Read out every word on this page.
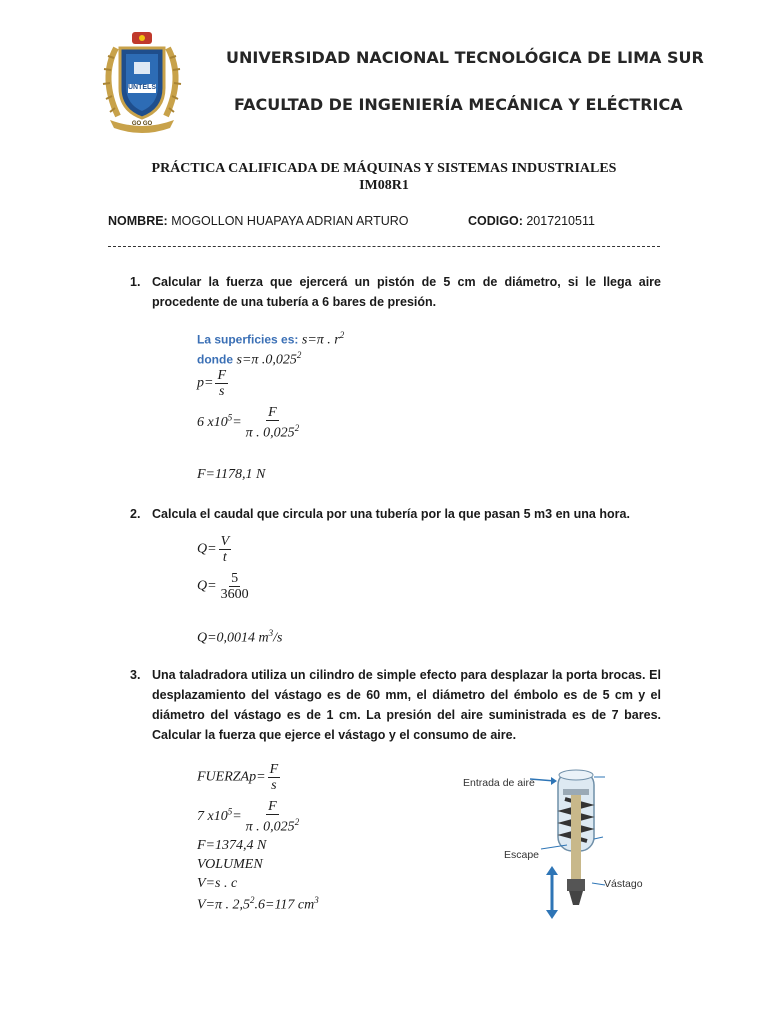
UNTELS
GO GO
UNIVERSIDAD NACIONAL TECNOLÓGICA DE LIMA SUR
FACULTAD DE INGENIERÍA MECÁNICA Y ELÉCTRICA
PRÁCTICA CALIFICADA DE MÁQUINAS Y SISTEMAS INDUSTRIALES
IM08R1
NOMBRE: MOGOLLON HUAPAYA ADRIAN ARTURO	CODIGO: 2017210511
1. Calcular la fuerza que ejercerá un pistón de 5 cm de diámetro, si le llega aire procedente de una tubería a 6 bares de presión.
La superficies es: s=π . $r^2$
donde s=π .0,025$^2$
$p= \frac{F}{s}$
6 $x10^5= \frac{F}{\pi . 0,025^2}$
F=1178,1 N
2. Calcula el caudal que circula por una tubería por la que pasan 5 m3 en una hora.
$Q= \frac{V}{t}$
$Q= \frac{5}{3600}$
Q=0,0014 $m^3/s$
3. Una taladradora utiliza un cilindro de simple efecto para desplazar la porta brocas. El desplazamiento del vástago es de 60 mm, el diámetro del émbolo es de 5 cm y el diámetro del vástago es de 1 cm. La presión del aire suministrada es de 7 bares. Calcular la fuerza que ejerce el vástago y el consumo de aire.
FUERZAp= $\frac{F}{s}$
7 $x10^5= \frac{F}{\pi . 0,025^2}$
F=1374,4 N
VOLUMEN
V=s . c
V=π . $2,5^2.6=117$ $cm^3$
Entrada de aire
Escape
Vástago
